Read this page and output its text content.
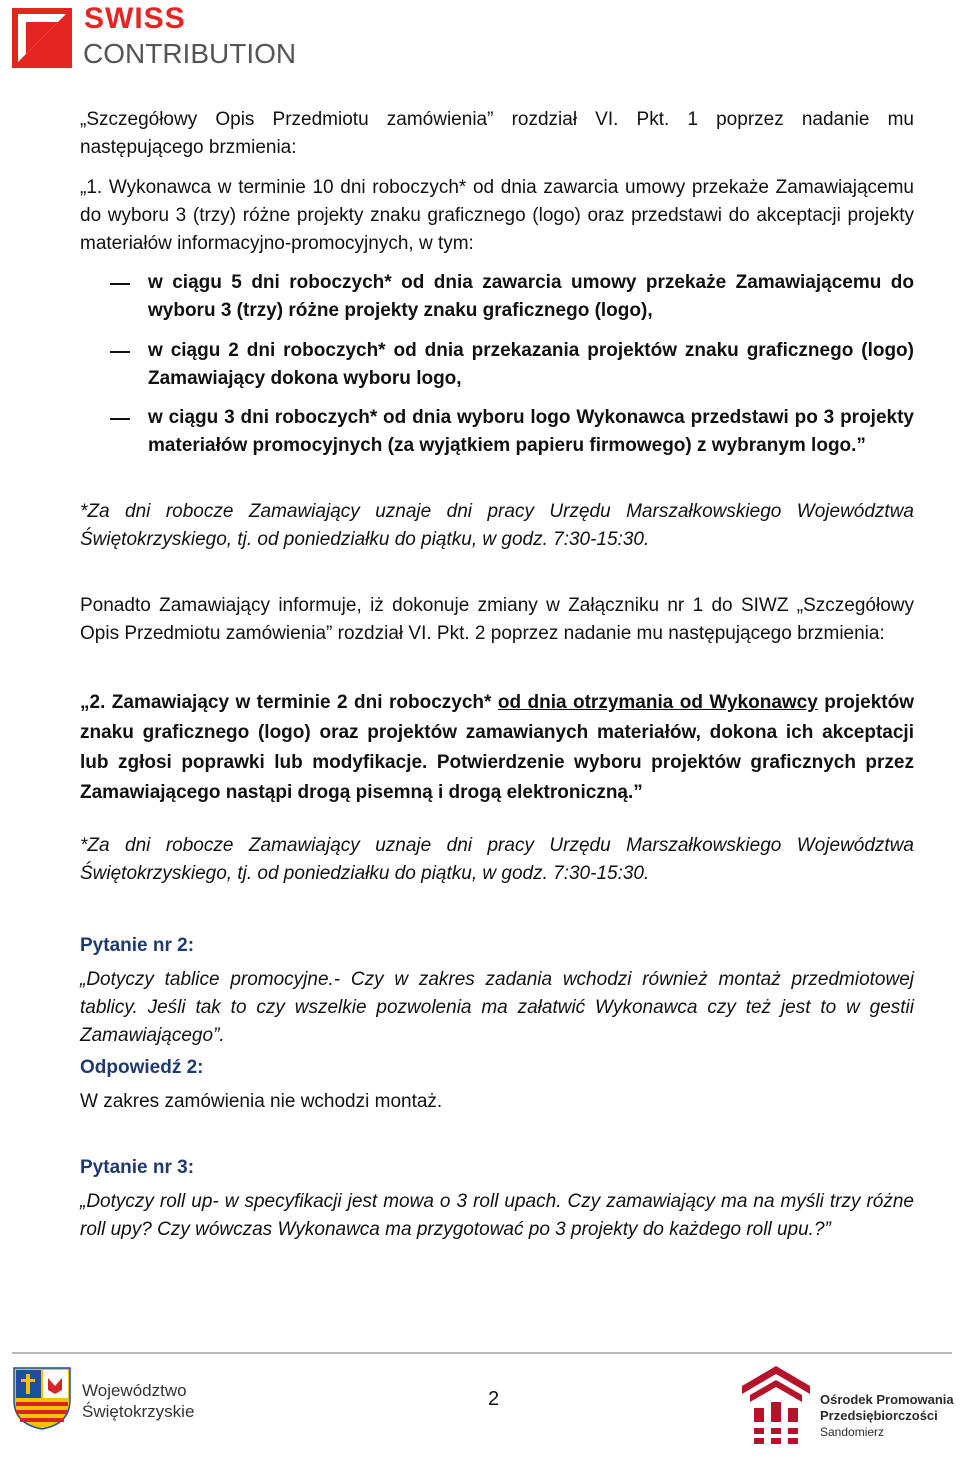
SWISS
CONTRIBUTION
„Szczegółowy Opis Przedmiotu zamówienia” rozdział VI. Pkt. 1 poprzez nadanie mu następującego brzmienia:
„1. Wykonawca w terminie 10 dni roboczych* od dnia zawarcia umowy przekaże Zamawiającemu do wyboru 3 (trzy) różne projekty znaku graficznego (logo) oraz przedstawi do akceptacji projekty materiałów informacyjno-promocyjnych, w tym:
w ciągu 5 dni roboczych* od dnia zawarcia umowy przekaże Zamawiającemu do wyboru 3 (trzy) różne projekty znaku graficznego (logo),
w ciągu 2 dni roboczych* od dnia przekazania projektów znaku graficznego (logo) Zamawiający dokona wyboru logo,
w ciągu 3 dni roboczych* od dnia wyboru logo Wykonawca przedstawi po 3 projekty materiałów promocyjnych (za wyjątkiem papieru firmowego) z wybranym logo.”
*Za dni robocze Zamawiający uznaje dni pracy Urzędu Marszałkowskiego Województwa Świętokrzyskiego, tj. od poniedziałku do piątku, w godz. 7:30-15:30.
Ponadto Zamawiający informuje, iż dokonuje zmiany w Załączniku nr 1 do SIWZ „Szczegółowy Opis Przedmiotu zamówienia” rozdział VI. Pkt. 2 poprzez nadanie mu następującego brzmienia:
„2. Zamawiający w terminie 2 dni roboczych* od dnia otrzymania od Wykonawcy projektów znaku graficznego (logo) oraz projektów zamawianych materiałów, dokona ich akceptacji lub zgłosi poprawki lub modyfikacje. Potwierdzenie wyboru projektów graficznych przez Zamawiającego nastąpi drogą pisemną i drogą elektroniczną.”
*Za dni robocze Zamawiający uznaje dni pracy Urzędu Marszałkowskiego Województwa Świętokrzyskiego, tj. od poniedziałku do piątku, w godz. 7:30-15:30.
Pytanie nr 2:
„Dotyczy tablice promocyjne.- Czy w zakres zadania wchodzi również montaż przedmiotowej tablicy. Jeśli tak to czy wszelkie pozwolenia ma załatwić Wykonawca czy też jest to w gestii Zamawiającego”.
Odpowiedź 2:
W zakres zamówienia nie wchodzi montaż.
Pytanie nr 3:
„Dotyczy roll up- w specyfikacji jest mowa o 3 roll upach. Czy zamawiający ma na myśli trzy różne roll upy? Czy wówczas Wykonawca ma przygotować po 3 projekty do każdego roll upu.?”
Województwo
Świętokrzyskie
2	Ośrodek Promowania
Przedsiębiorczości
Sandomierz
